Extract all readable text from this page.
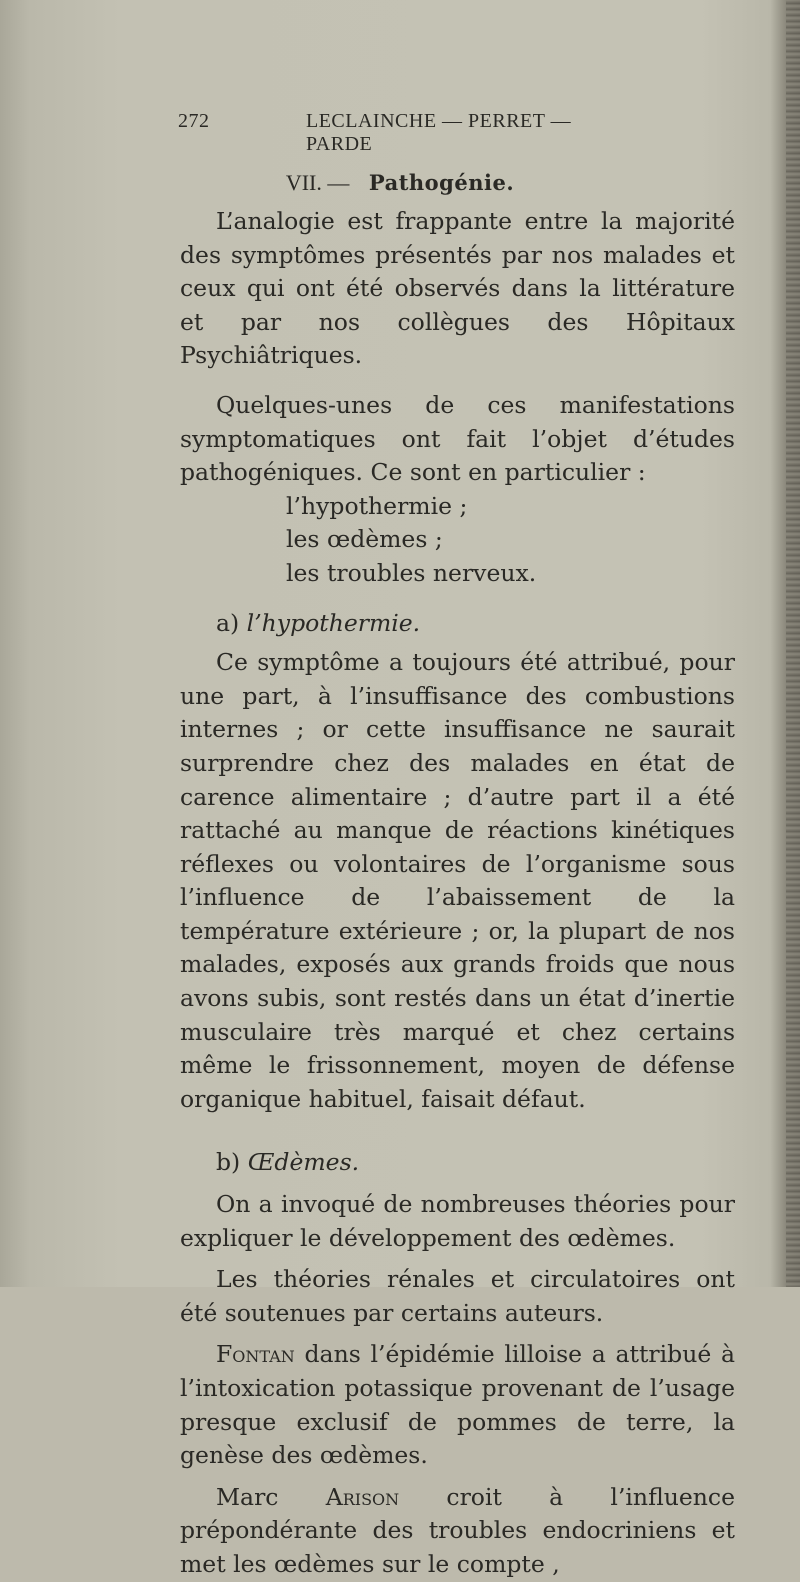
272	LECLAINCHE — PERRET — PARDE
VII. — Pathogénie.

L’analogie est frappante entre la majorité des symptômes présentés par nos malades et ceux qui ont été observés dans la littérature et par nos collègues des Hôpitaux Psychiâtriques.

Quelques-unes de ces manifestations symptomatiques ont fait l’objet d’études pathogéniques. Ce sont en particulier :

l’hypothermie ;
les œdèmes ;
les troubles nerveux.

a) l’hypothermie.

Ce symptôme a toujours été attribué, pour une part, à l’insuffisance des combustions internes ; or cette insuffisance ne saurait surprendre chez des malades en état de carence alimentaire ; d’autre part il a été rattaché au manque de réactions kinétiques réflexes ou volontaires de l’organisme sous l’influence de l’abaissement de la température extérieure ; or, la plupart de nos malades, exposés aux grands froids que nous avons subis, sont restés dans un état d’inertie musculaire très marqué et chez certains même le frissonnement, moyen de défense organique habituel, faisait défaut.

b) Œdèmes.

On a invoqué de nombreuses théories pour expliquer le développement des œdèmes.

Les théories rénales et circulatoires ont été soutenues par certains auteurs.

Fontan dans l’épidémie lilloise a attribué à l’intoxication potassique provenant de l’usage presque exclusif de pommes de terre, la genèse des œdèmes.

Marc Arison croit à l’influence prépondérante des troubles endocriniens et met les œdèmes sur le compte ,
